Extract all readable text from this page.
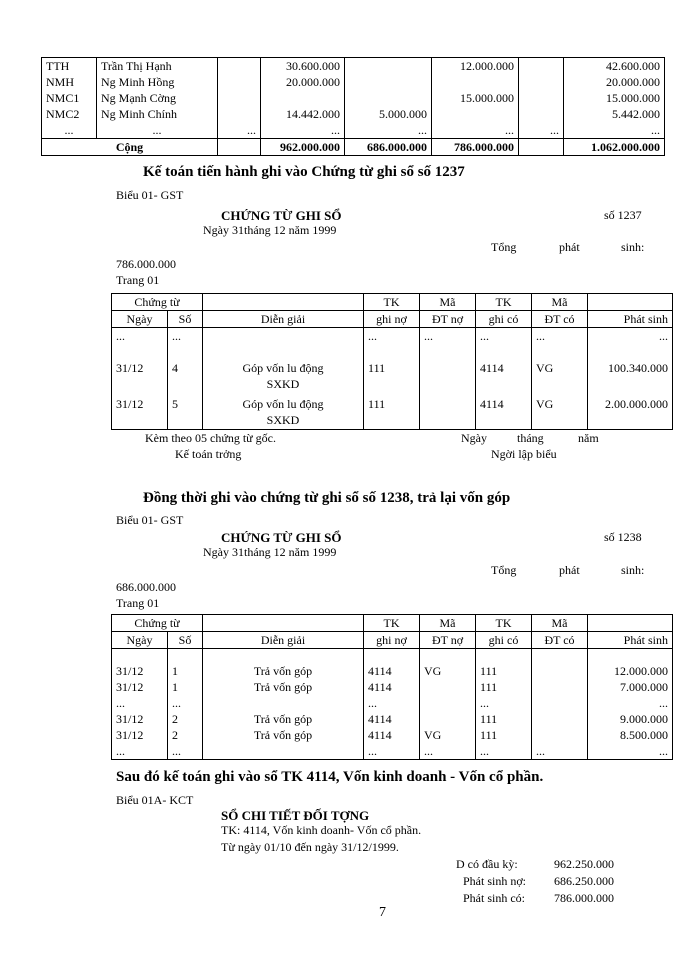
TTH	Trần Thị Hạnh		30.600.000		12.000.000		42.600.000
NMH	Ng Minh Hồng		20.000.000				20.000.000
NMC1	Ng Mạnh Cờng				15.000.000		15.000.000
NMC2	Ng Minh Chính		14.442.000	5.000.000			5.442.000
...	...	...	...	...	...	...	...
Cộng			962.000.000	686.000.000	786.000.000		1.062.000.000
Kế toán tiến hành ghi vào Chứng từ ghi sổ số 1237
Biểu 01- GST
CHỨNG TỪ GHI SỔ	số 1237
Ngày 31tháng 12 năm 1999
Tổng	phát	sinh:
786.000.000
Trang 01
Chứng từ			TK	Mã	TK	Mã	
Ngày	Số	Diễn giải	ghi nợ	ĐT nợ	ghi có	ĐT có	Phát sinh
...	...		...	...	...	...	...
31/12	4	Góp vốn lu động
SXKD	111		4114	VG	100.340.000
31/12	5	Góp vốn lu động
SXKD	111		4114	VG	2.00.000.000
Kèm theo 05 chứng từ gốc.	Ngày	tháng	năm
Kế toán trởng	Ngời lập biểu
Đồng thời ghi vào chứng từ ghi sổ số 1238, trả lại vốn góp
Biểu 01- GST
CHỨNG TỪ GHI SỔ	số 1238
Ngày 31tháng 12 năm 1999
Tổng	phát	sinh:
686.000.000
Trang 01
Chứng từ			TK	Mã	TK	Mã	
Ngày	Số	Diễn giải	ghi nợ	ĐT nợ	ghi có	ĐT có	Phát sinh

31/12	1	Trả vốn góp	4114	VG	111		12.000.000
31/12	1	Trả vốn góp	4114		111		7.000.000
...	...		...		...		...
31/12	2	Trả vốn góp	4114		111		9.000.000
31/12	2	Trả vốn góp	4114	VG	111		8.500.000
...	...		...	...	...	...	...
Sau đó kế toán ghi vào sổ TK 4114, Vốn kinh doanh - Vốn cổ phần.
Biểu 01A- KCT
SỔ CHI TIẾT ĐỐI TỢNG
TK: 4114, Vốn kinh doanh- Vốn cổ phần.
Từ ngày 01/10 đến ngày 31/12/1999.
D có đầu kỳ:	962.250.000
Phát sinh nợ: 686.250.000
Phát sinh có: 786.000.000
7
